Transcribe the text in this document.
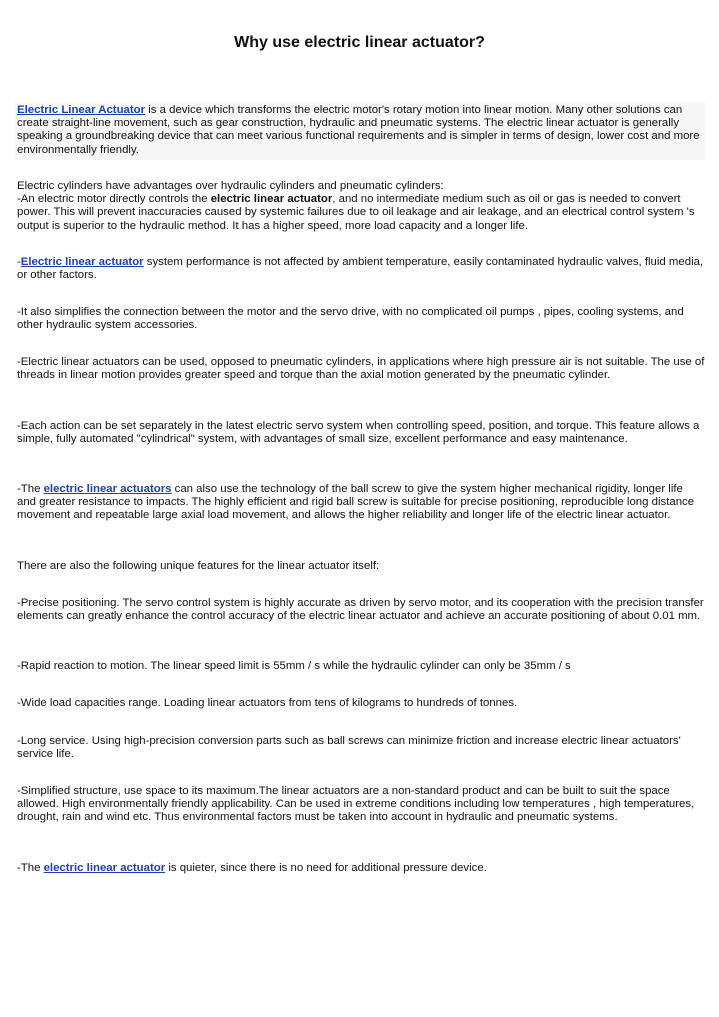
Why use electric linear actuator?

Electric Linear Actuator is a device which transforms the electric motor's rotary motion into linear motion. Many other solutions can create straight-line movement, such as gear construction, hydraulic and pneumatic systems. The electric linear actuator is generally speaking a groundbreaking device that can meet various functional requirements and is simpler in terms of design, lower cost and more environmentally friendly.

Electric cylinders have advantages over hydraulic cylinders and pneumatic cylinders:
-An electric motor directly controls the electric linear actuator, and no intermediate medium such as oil or gas is needed to convert power. This will prevent inaccuracies caused by systemic failures due to oil leakage and air leakage, and an electrical control system 's output is superior to the hydraulic method. It has a higher speed, more load capacity and a longer life.

-Electric linear actuator system performance is not affected by ambient temperature, easily contaminated hydraulic valves, fluid media, or other factors.

-It also simplifies the connection between the motor and the servo drive, with no complicated oil pumps , pipes, cooling systems, and other hydraulic system accessories.

-Electric linear actuators can be used, opposed to pneumatic cylinders, in applications where high pressure air is not suitable. The use of threads in linear motion provides greater speed and torque than the axial motion generated by the pneumatic cylinder.

-Each action can be set separately in the latest electric servo system when controlling speed, position, and torque. This feature allows a simple, fully automated "cylindrical" system, with advantages of small size, excellent performance and easy maintenance.

-The electric linear actuators can also use the technology of the ball screw to give the system higher mechanical rigidity, longer life and greater resistance to impacts. The highly efficient and rigid ball screw is suitable for precise positioning, reproducible long distance movement and repeatable large axial load movement, and allows the higher reliability and longer life of the electric linear actuator.

There are also the following unique features for the linear actuator itself:

-Precise positioning. The servo control system is highly accurate as driven by servo motor, and its cooperation with the precision transfer elements can greatly enhance the control accuracy of the electric linear actuator and achieve an accurate positioning of about 0.01 mm.

-Rapid reaction to motion. The linear speed limit is 55mm / s while the hydraulic cylinder can only be 35mm / s

-Wide load capacities range. Loading linear actuators from tens of kilograms to hundreds of tonnes.

-Long service. Using high-precision conversion parts such as ball screws can minimize friction and increase electric linear actuators' service life.

-Simplified structure, use space to its maximum.The linear actuators are a non-standard product and can be built to suit the space allowed. High environmentally friendly applicability. Can be used in extreme conditions including low temperatures , high temperatures, drought, rain and wind etc. Thus environmental factors must be taken into account in hydraulic and pneumatic systems.

-The electric linear actuator is quieter, since there is no need for additional pressure device.
